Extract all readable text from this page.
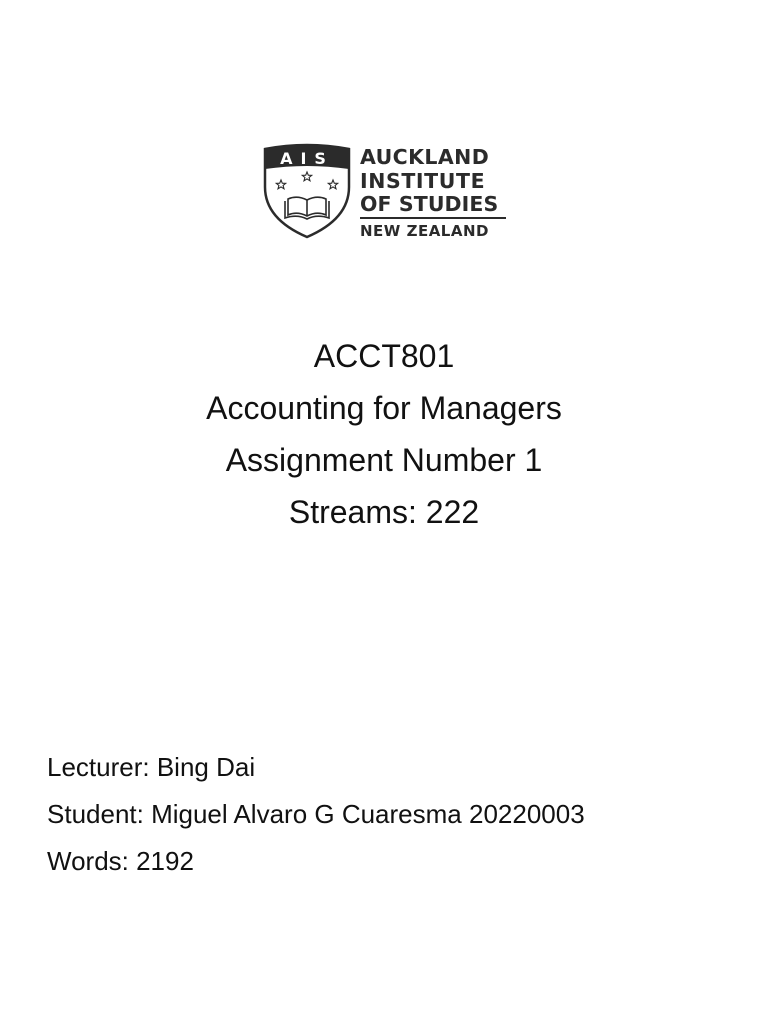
AIS AUCKLAND
INSTITUTE
OF STUDIES
NEW ZEALAND
ACCT801
Accounting for Managers
Assignment Number 1
Streams: 222
Lecturer: Bing Dai
Student: Miguel Alvaro G Cuaresma 20220003
Words: 2192
